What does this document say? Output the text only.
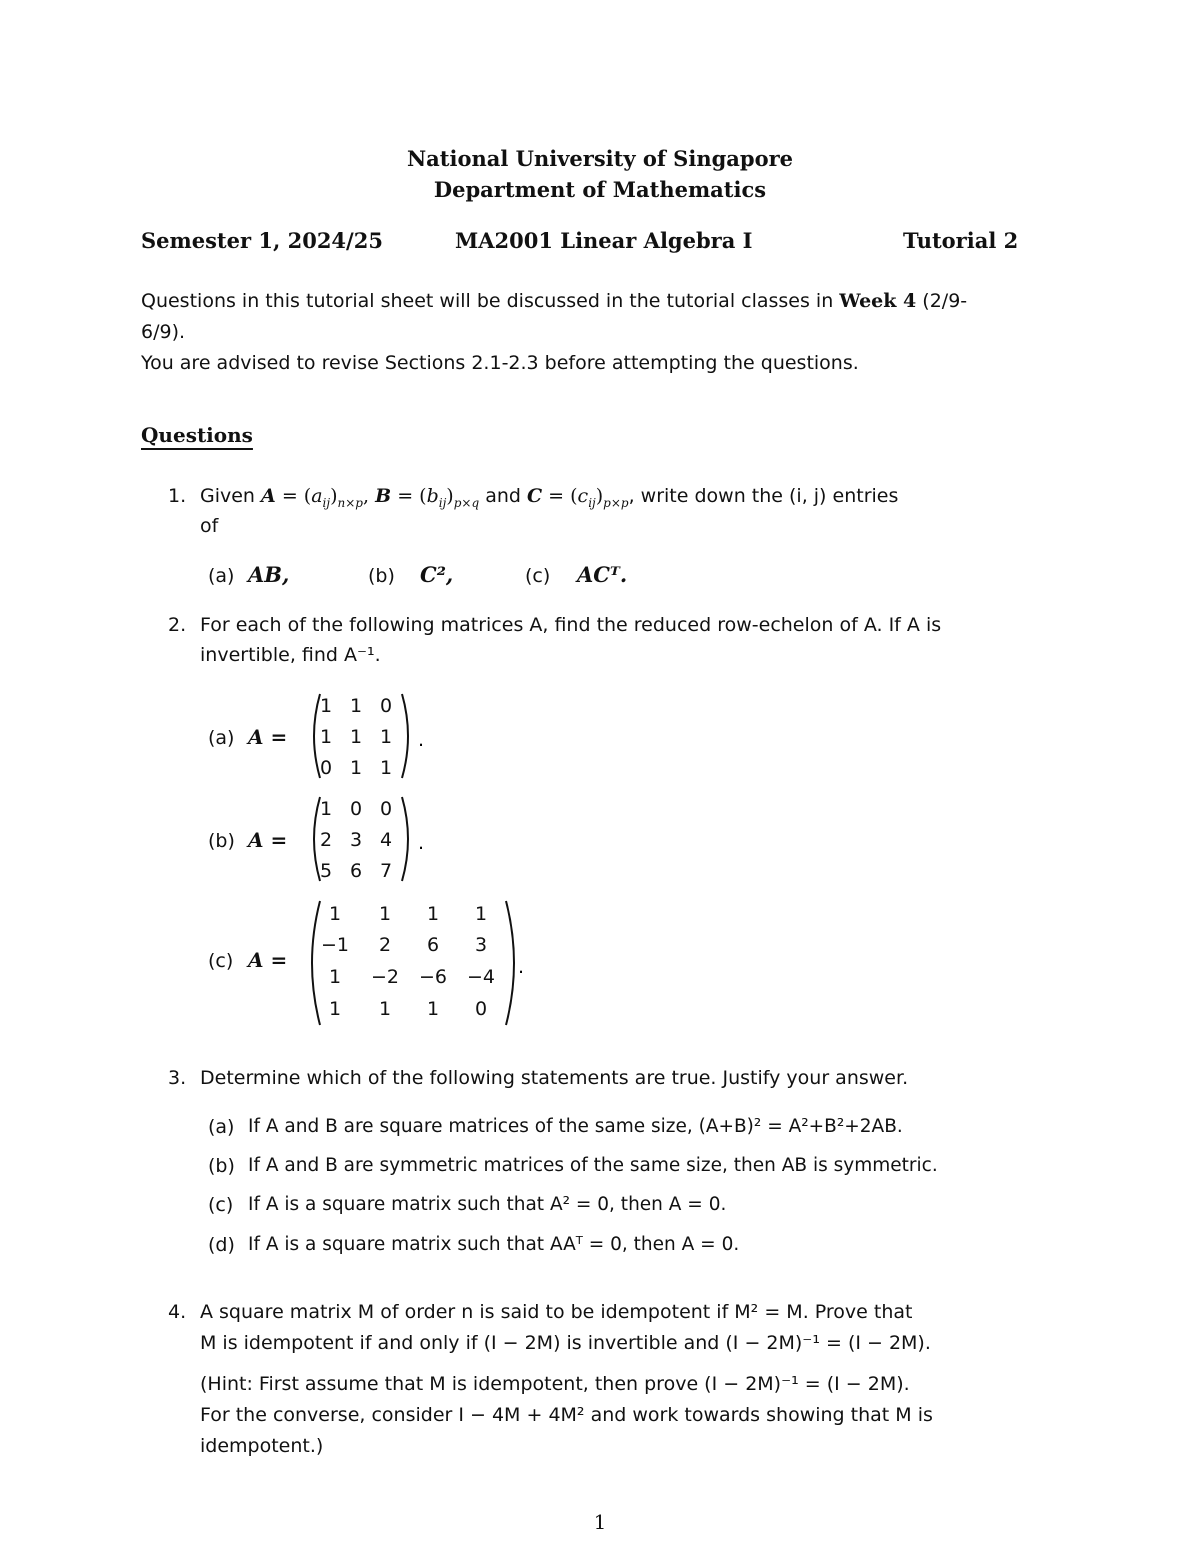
National University of Singapore
Department of Mathematics
Semester 1, 2024/25	MA2001 Linear Algebra I	Tutorial 2
Questions in this tutorial sheet will be discussed in the tutorial classes in Week 4 (2/9-
6/9).
You are advised to revise Sections 2.1-2.3 before attempting the questions.
Questions
1. Given $A = (a_{ij})_{n\times p}$, $B = (b_{ij})_{p\times q}$ and $C = (c_{ij})_{p\times p}$, write down the (i, j) entries
of
(a) AB,	(b) C²,	(c) ACᵀ.
2. For each of the following matrices A, find the reduced row-echelon of A. If A is
invertible, find A⁻¹.
(a) A =	.
1 1 0
1 1 1
0 1 1
(b) A =	.
1 0 0
2 3 4
5 6 7
(c) A =	.
1	1	1	1
−1	2	6	3
1	−2	−6	−4
1	1	1	0
3. Determine which of the following statements are true. Justify your answer.
(a) If A and B are square matrices of the same size, (A+B)² = A²+B²+2AB.
(b) If A and B are symmetric matrices of the same size, then AB is symmetric.
(c) If A is a square matrix such that A² = 0, then A = 0.
(d) If A is a square matrix such that AAᵀ = 0, then A = 0.
4. A square matrix M of order n is said to be idempotent if M² = M. Prove that
M is idempotent if and only if (I − 2M) is invertible and (I − 2M)⁻¹ = (I − 2M).
(Hint: First assume that M is idempotent, then prove (I − 2M)⁻¹ = (I − 2M).
For the converse, consider I − 4M + 4M² and work towards showing that M is
idempotent.)
1
